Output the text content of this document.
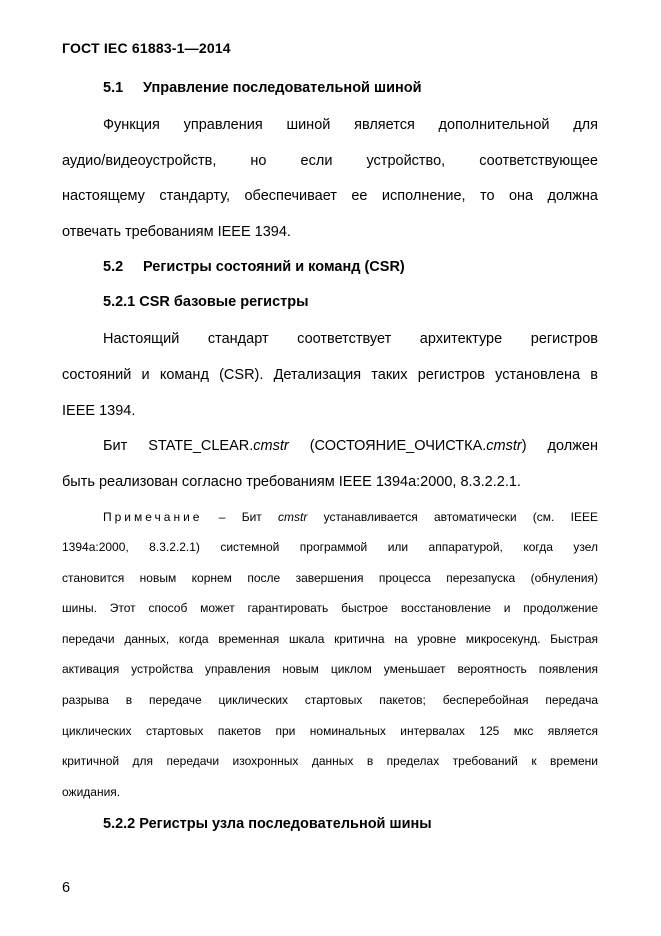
ГОСТ IEC 61883-1—2014
5.1 Управление последовательной шиной
Функция управления шиной является дополнительной для
аудио/видеоустройств, но если устройство, соответствующее
настоящему стандарту, обеспечивает ее исполнение, то она должна
отвечать требованиям IEEE 1394.
5.2 Регистры состояний и команд (CSR)
5.2.1 CSR базовые регистры
Настоящий стандарт соответствует архитектуре регистров
состояний и команд (CSR). Детализация таких регистров установлена в
IEEE 1394.
Бит STATE_CLEAR.cmstr (СОСТОЯНИЕ_ОЧИСТКА.cmstr) должен
быть реализован согласно требованиям IEEE 1394a:2000, 8.3.2.2.1.
Примечание – Бит cmstr устанавливается автоматически (см. IEEE
1394a:2000, 8.3.2.2.1) системной программой или аппаратурой, когда узел
становится новым корнем после завершения процесса перезапуска (обнуления)
шины. Этот способ может гарантировать быстрое восстановление и продолжение
передачи данных, когда временная шкала критична на уровне микросекунд. Быстрая
активация устройства управления новым циклом уменьшает вероятность появления
разрыва в передаче циклических стартовых пакетов; бесперебойная передача
циклических стартовых пакетов при номинальных интервалах 125 мкс является
критичной для передачи изохронных данных в пределах требований к времени
ожидания.
5.2.2 Регистры узла последовательной шины
6
